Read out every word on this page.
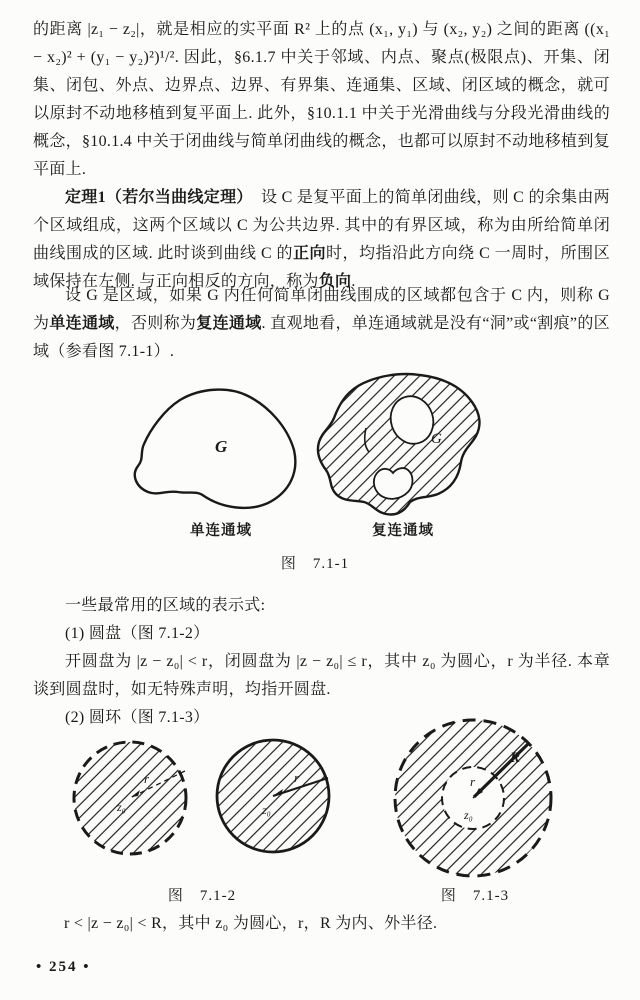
的距离 |z₁ − z₂|，就是相应的实平面 R² 上的点 (x₁, y₁) 与 (x₂, y₂) 之间的距离 ((x₁ − x₂)² + (y₁ − y₂)²)¹/². 因此，§6.1.7 中关于邻域、内点、聚点(极限点)、开集、闭集、闭包、外点、边界点、边界、有界集、连通集、区域、闭区域的概念，就可以原封不动地移植到复平面上. 此外，§10.1.1 中关于光滑曲线与分段光滑曲线的概念，§10.1.4 中关于闭曲线与简单闭曲线的概念，也都可以原封不动地移植到复平面上.
定理1（若尔当曲线定理）　设 C 是复平面上的简单闭曲线，则 C 的余集由两个区域组成，这两个区域以 C 为公共边界. 其中的有界区域，称为由所给简单闭曲线围成的区域. 此时谈到曲线 C 的正向时，均指沿此方向绕 C 一周时，所围区域保持在左侧. 与正向相反的方向，称为负向.
设 G 是区域，如果 G 内任何简单闭曲线围成的区域都包含于 C 内，则称 G 为单连通域，否则称为复连通域. 直观地看，单连通域就是没有“洞”或“割痕”的区域（参看图 7.1-1）.
G	G
单连通域	复连通域
图　7.1-1
一些最常用的区域的表示式:
(1) 圆盘（图 7.1-2）
开圆盘为 |z − z₀| < r，闭圆盘为 |z − z₀| ≤ r，其中 z₀ 为圆心，r 为半径. 本章谈到圆盘时，如无特殊声明，均指开圆盘.
(2) 圆环（图 7.1-3）
z₀
r
z₀
r
z₀
r
R
图　7.1-2	图　7.1-3
r < |z − z₀| < R，其中 z₀ 为圆心，r，R 为内、外半径.
• 254 •
